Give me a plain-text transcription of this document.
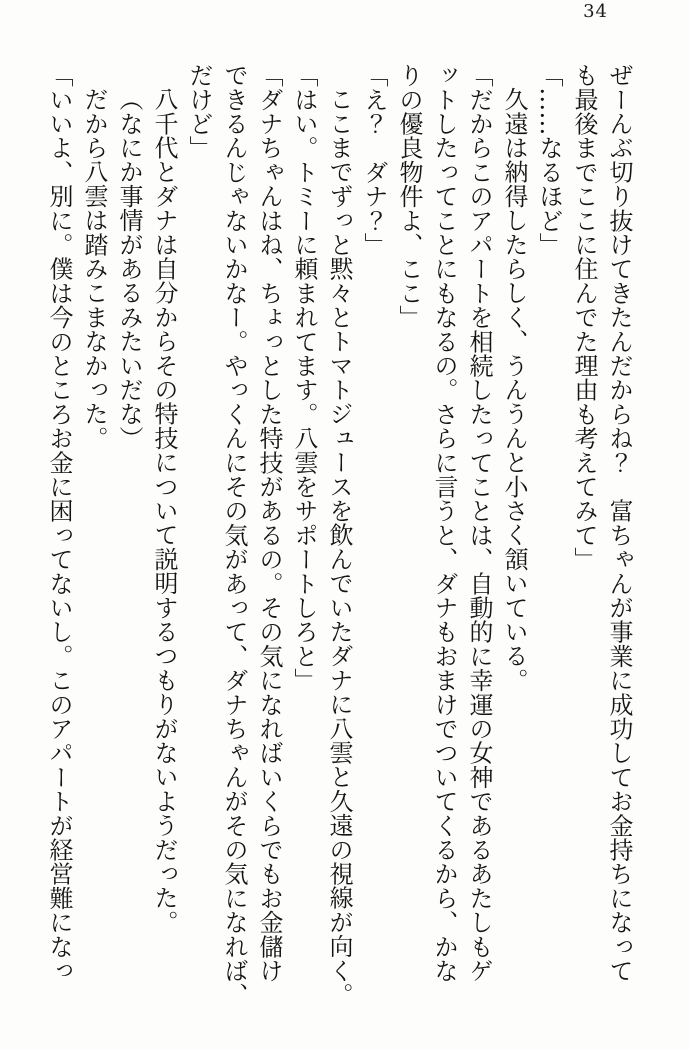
34

ぜーんぶ切り抜けてきたんだからね？　富ちゃんが事業に成功してお金持ちになって

も最後までここに住んでた理由も考えてみて」

「……なるほど」

久遠は納得したらしく、うんうんと小さく頷いている。

「だからこのアパートを相続したってことは、自動的に幸運の女神であるあたしもゲ

ットしたってことにもなるの。さらに言うと、ダナもおまけでついてくるから、かな

りの優良物件よ、ここ」

「え？　ダナ？」

ここまでずっと黙々とトマトジュースを飲んでいたダナに八雲と久遠の視線が向く。

「はい。トミーに頼まれてます。八雲をサポートしろと」

「ダナちゃんはね、ちょっとした特技があるの。その気になればいくらでもお金儲け

できるんじゃないかなー。やっくんにその気があって、ダナちゃんがその気になれば、

だけど」

八千代とダナは自分からその特技について説明するつもりがないようだった。

（なにか事情があるみたいだな）

だから八雲は踏みこまなかった。

「いいよ、別に。僕は今のところお金に困ってないし。このアパートが経営難になっ
